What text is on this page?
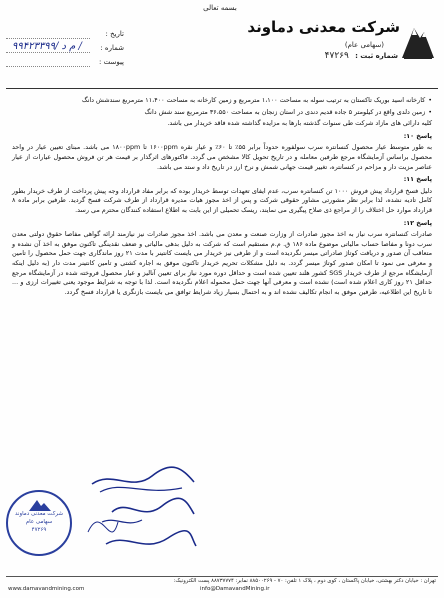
بسمه تعالی
شرکت معدنی دماوند
(سهامی عام)
شماره ثبت : ۴۷۲۶۹
تاریخ :
شماره :
۹۹۴۲۳۳۹۹/ م د /
پیوست :

• کارخانه اسید بوریک تاکستان به ترتیب سوله به مساحت ۱،۱۰۰ مترمربع و زمین کارخانه به مساحت ۱۱،۴۰۰ مترمربع سندشش دانگ

• زمین دلدی واقع در کیلومتر ۵ جاده قدیم دندی در استان زنجان به مساحت ۳۶،۵۵۰ مترمربع سند شش دانگ

کلیه دارائی های مازاد شرکت طی سنوات گذشته بارها به مزایده گذاشته شده فاقد خریدار می باشد.

پاسخ ۱۰:

به طور متوسط عیار محصول کنسانتره سرب سولفوره حدوداً برابر ۵۵٪ تا ۶۰٪ و عیار نقره ۱۶۰۰ppm تا ۱۸۰۰ppm می باشد. مبنای تعیین عیار در واحد محصول براساس آزمایشگاه مرجع طرفین معامله و در تاریخ تحویل کالا مشخص می گردد. فاکتورهای اثرگذار بر قیمت هر تن فروش محصول عیارات از عیار عناصر مزیت دار و مزاحم در کنسانتره، تغییر قیمت جهانی شمش و نرخ ارز در تاریخ داد و ستد می باشد.

پاسخ ۱۱:

دلیل فسخ قرارداد پیش فروش ۱۰۰۰ تن کنسانتره سرب، عدم ایفای تعهدات توسط خریدار بوده که برابر مفاد قرارداد وجه پیش پرداخت از طرف خریدار بطور کامل تادیه نشده، لذا برابر نظر مشورتی مشاور حقوقی شرکت و پس از اخذ مجوز هیات مدیره قرارداد از طرف شرکت فسخ گردید. طرفین برابر ماده ۸ قرارداد موارد حل اختلاف را از مراجع ذی صلاح پیگیری می نمایند، ریسک تحمیلی از این بابت به اطلاع استفاده کنندگان محترم می رسد.

پاسخ ۱۲:

صادرات کنسانتره سرب نیاز به اخذ مجوز صادرات از وزارت صنعت و معدن می باشد. اخذ مجوز صادرات نیز نیازمند ارائه گواهی مفاصا حقوق دولتی معدن سرب دونا و مفاصا حساب مالیاتی موضوع ماده ۱۸۶ ق. م.م مستقیم است که شرکت به دلیل بدهی مالیاتی و ضعف نقدینگی تاکنون موفق به اخذ آن نشده و متعاقب آن صدور و دریافت کوتاژ صادراتی میسر نگردیده است و از طرفی نیز خریدار می بایست کانتینر با مدت ۲۱ روز ماندگاری جهت حمل محصول را تامین و معرفی می نمود تا امکان صدور کوتاژ میسر گردد. به دلیل مشکلات تحریم خریدار تاکنون موفق به اجاره کشتی و تامین کانتینر مدت دار (به دلیل اینکه آزمایشگاه مرجع از طرف خریدار SGS کشور هلند تعیین شده است و حداقل دوره مورد نیاز برای تعیین آنالیز و عیار محصول فروخته شده در آزمایشگاه مرجع حداقل ۲۱ روز کاری اعلام شده است) نشده است و معرفی آنها جهت حمل محموله اعلام نگردیده است. لذا با توجه به شرایط موجود یعنی تغییرات ارزی و ... تا تاریخ این اطلاعیه، طرفین موفق به انجام تکالیف نشده اند و به احتمال بسیار زیاد شرایط توافق می بایست بازنگری یا قرارداد فسخ گردد.

شرکت معدنی دماوند
سهامی عام
۴۷۲۶۹
تهران : خیابان دکتر بهشتی، خیابان پاکستان ، کوی دوم ، پلاک ۱ تلفن: ۷۰ - ۸۸۵۰۰۲۶۹ نمابر: ۸۸۷۳۷۷۷۴ پست الکترونیک:
www.damavandmining.com	info@DamavandMining.ir
